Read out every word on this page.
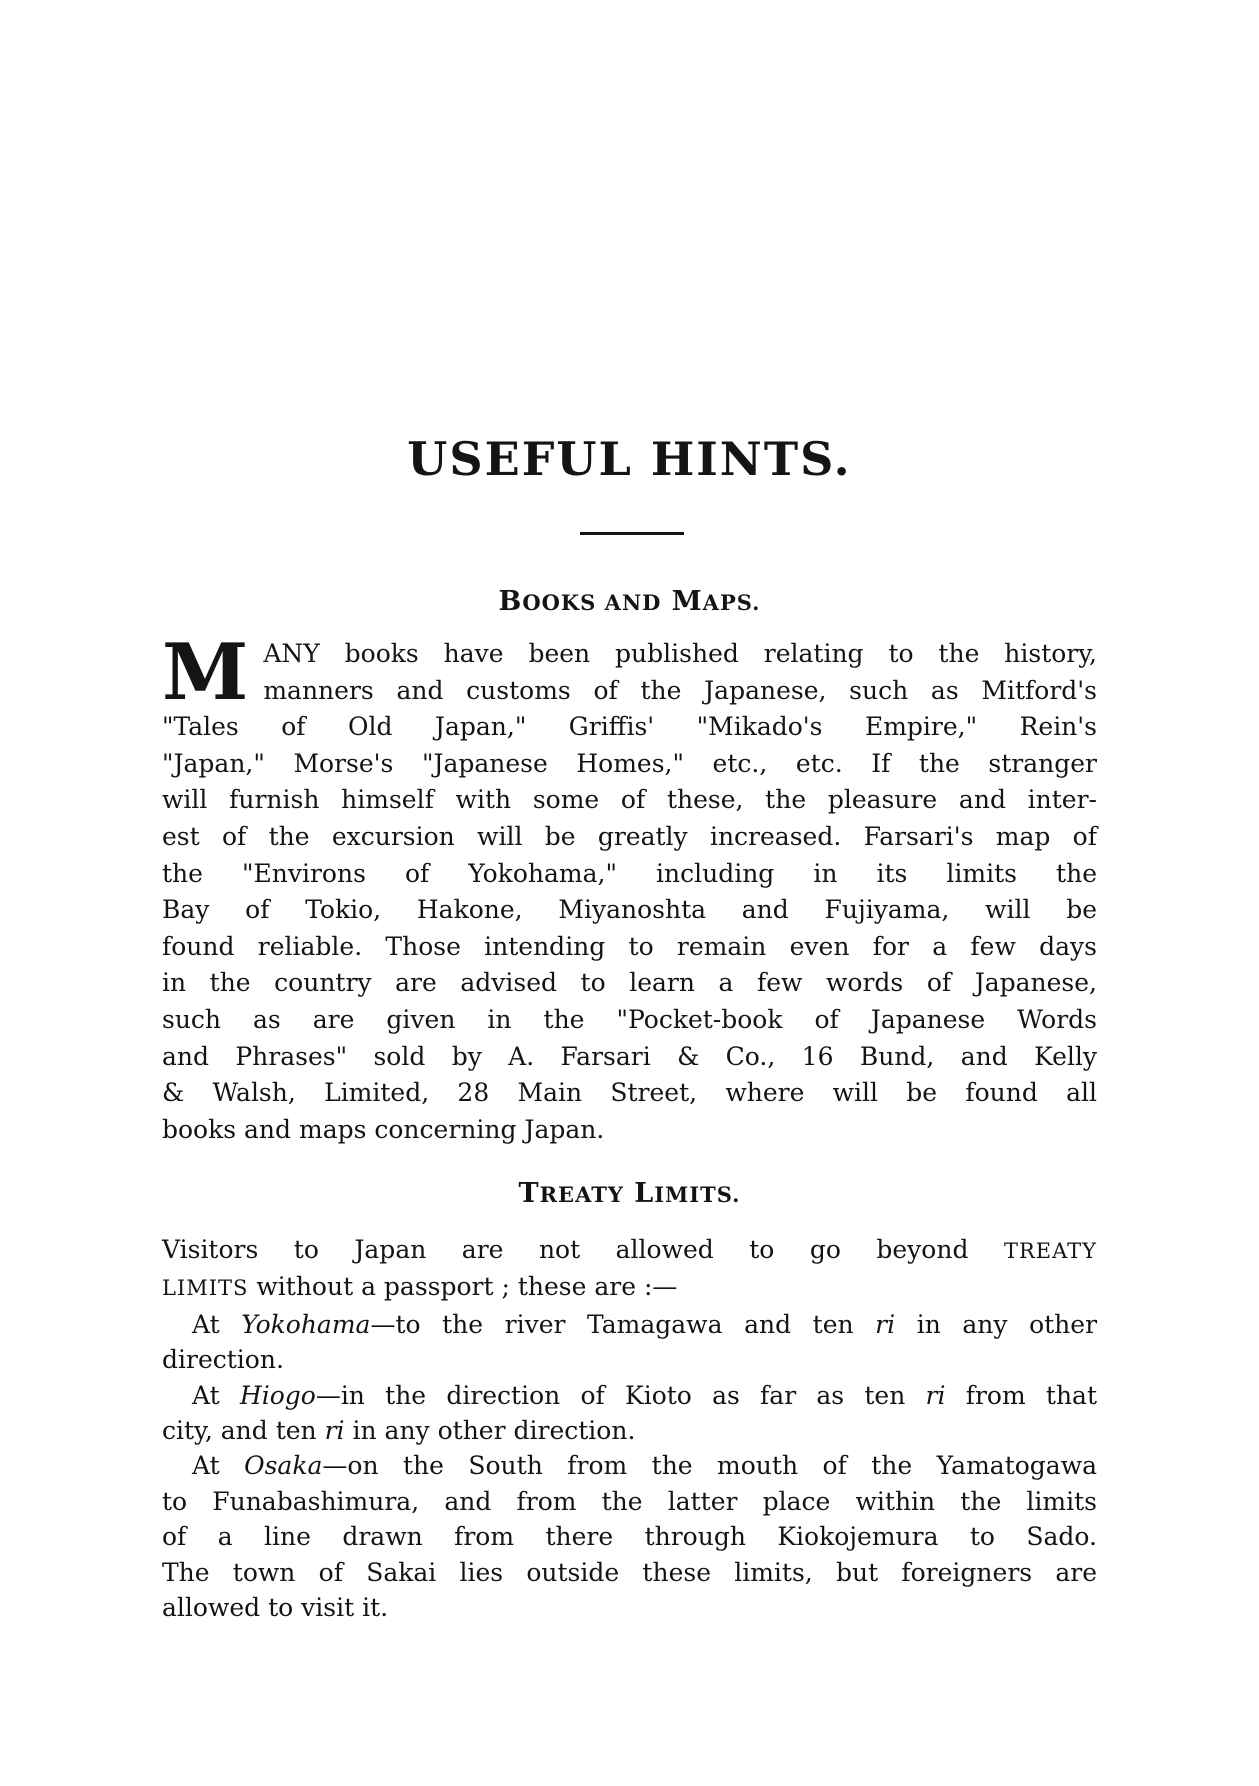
USEFUL HINTS.
BOOKS AND MAPS.
M ANY books have been published relating to the history,
manners and customs of the Japanese, such as Mitford's
"Tales of Old Japan," Griffis' "Mikado's Empire," Rein's
"Japan," Morse's "Japanese Homes," etc., etc. If the stranger
will furnish himself with some of these, the pleasure and inter-
est of the excursion will be greatly increased. Farsari's map of
the "Environs of Yokohama," including in its limits the
Bay of Tokio, Hakone, Miyanoshta and Fujiyama, will be
found reliable. Those intending to remain even for a few days
in the country are advised to learn a few words of Japanese,
such as are given in the "Pocket-book of Japanese Words
and Phrases" sold by A. Farsari & Co., 16 Bund, and Kelly
& Walsh, Limited, 28 Main Street, where will be found all
books and maps concerning Japan.
TREATY LIMITS.
Visitors to Japan are not allowed to go beyond TREATY
LIMITS without a passport ; these are :—
At Yokohama—to the river Tamagawa and ten ri in any other
direction.
At Hiogo—in the direction of Kioto as far as ten ri from that
city, and ten ri in any other direction.
At Osaka—on the South from the mouth of the Yamatogawa
to Funabashimura, and from the latter place within the limits
of a line drawn from there through Kiokojemura to Sado.
The town of Sakai lies outside these limits, but foreigners are
allowed to visit it.
